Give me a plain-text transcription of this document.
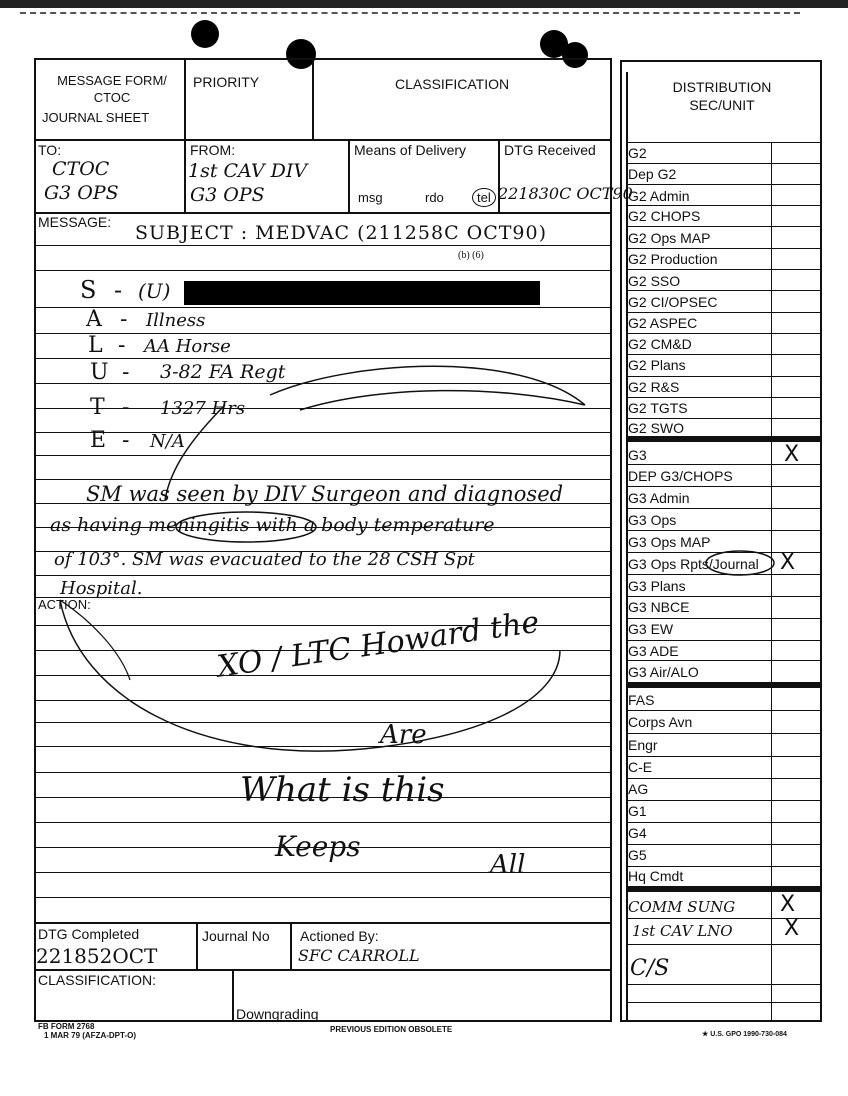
S - (U)
A - Illness
L - AA Horse
U - 3-82 FA Regt
T - 1327 Hrs
E - N/A
SM was seen by DIV Surgeon and diagnosed
as having meningitis with a body temperature
of 103°. SM was evacuated to the 28 CSH Spt
Hospital.
ACTION:
XO / LTC Howard the
Are
What is this
Keeps
All
DTG Completed
221852OCT
Journal No Actioned By:
SFC CARROLL
CLASSIFICATION:
Downgrading
FB FORM 2768
1 MAR 79 (AFZA-DPT-O)
PREVIOUS EDITION OBSOLETE
G2
Dep G2
G2 Admin
G2 CHOPS
G2 Ops MAP
G2 Production
G2 SSO
G2 CI/OPSEC
G2 ASPEC
G2 CM&D
G2 Plans
G2 R&S
G2 TGTS
G2 SWO
G3
DEP G3/CHOPS
G3 Admin
G3 Ops
G3 Ops MAP
G3 Ops Rpts/Journal
G3 Plans
G3 NBCE
G3 EW
G3 ADE
G3 Air/ALO
FAS
Corps Avn
Engr
C-E
AG
G1
G4
G5
Hq Cmdt
COMM SUNG
1st CAV LNO
C/S
X
X
X
X
